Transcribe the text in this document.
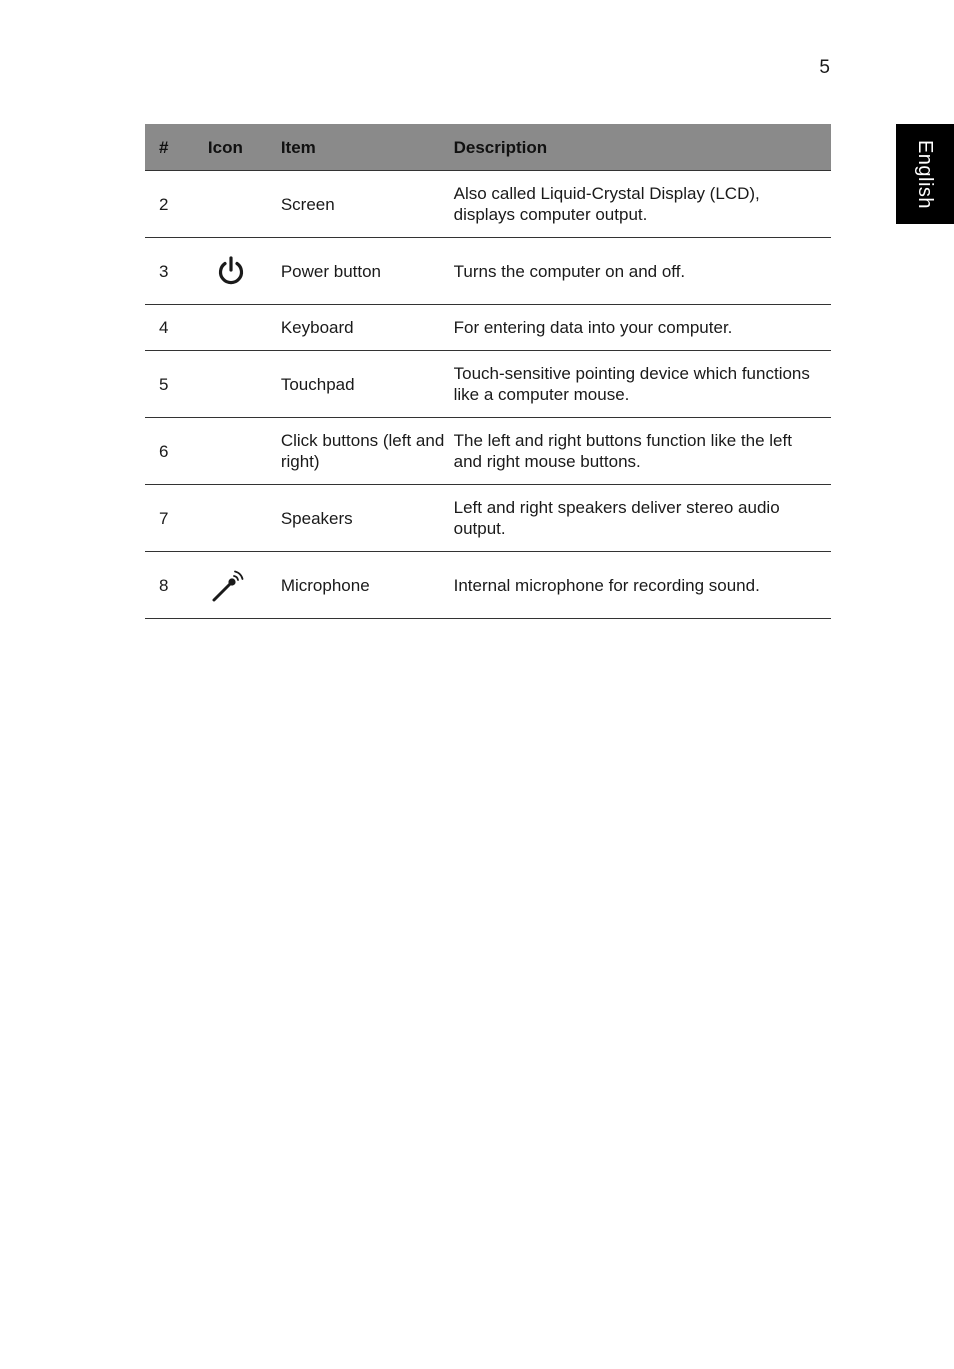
5
English
#	Icon	Item	Description
2		Screen	Also called Liquid-Crystal Display (LCD), displays computer output.
3		Power button	Turns the computer on and off.
4		Keyboard	For entering data into your computer.
5		Touchpad	Touch-sensitive pointing device which functions like a computer mouse.
6		Click buttons (left and right)	The left and right buttons function like the left and right mouse buttons.
7		Speakers	Left and right speakers deliver stereo audio output.
8		Microphone	Internal microphone for recording sound.
